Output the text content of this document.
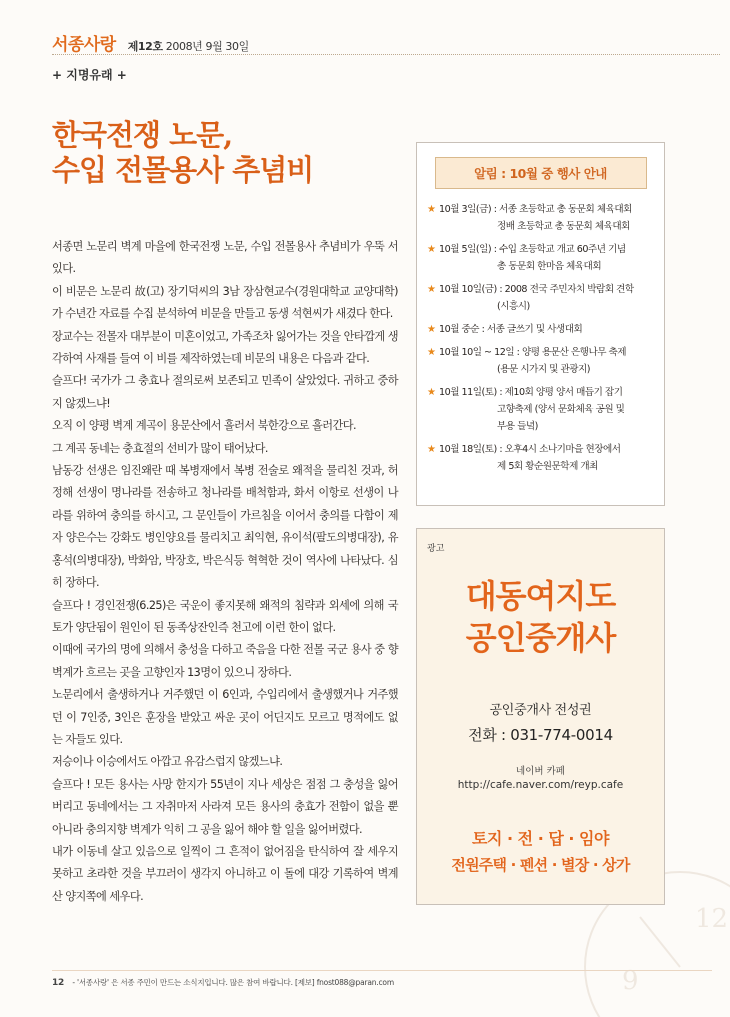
9
12
서종사랑 제12호 2008년 9월 30일
+ 지명유래 +
한국전쟁 노문,
수입 전몰용사 추념비

서종면 노문리 벽계 마을에 한국전쟁 노문, 수입 전몰용사 추념비가 우뚝 서있다.

이 비문은 노문리 故(고) 장기덕씨의 3남 장삼현교수(경원대학교 교양대학)가 수년간 자료를 수집 분석하여 비문을 만들고 동생 석현씨가 새겼다 한다.

장교수는 전몰자 대부분이 미혼이었고, 가족조차 잃어가는 것을 안타깝게 생각하여 사재를 들여 이 비를 제작하였는데 비문의 내용은 다음과 같다.

슬프다! 국가가 그 충효나 절의로써 보존되고 민족이 살았었다. 귀하고 중하지 않겠느냐!

오직 이 양평 벽계 계곡이 용문산에서 흘러서 북한강으로 흘러간다.

그 계곡 동네는 충효절의 선비가 많이 태어났다.

남동강 선생은 임진왜란 때 복병재에서 복병 전술로 왜적을 물리친 것과, 허정해 선생이 명나라를 전송하고 청나라를 배척함과, 화서 이항로 선생이 나라를 위하여 충의를 하시고, 그 문인들이 가르침을 이어서 충의를 다함이 제자 양은수는 강화도 병인양요를 물리치고 최익현, 유이석(팔도의병대장), 유홍석(의병대장), 박화암, 박장호, 박은식등 혁혁한 것이 역사에 나타났다. 심히 장하다.

슬프다 ! 경인전쟁(6.25)은 국운이 좋지못해 왜적의 침략과 외세에 의해 국토가 양단됨이 원인이 된 동족상잔인즉 천고에 이런 한이 없다.

이때에 국가의 명에 의해서 충성을 다하고 죽음을 다한 전몰 국군 용사 중 향벽계가 흐르는 곳을 고향인자 13명이 있으니 장하다.

노문리에서 출생하거나 거주했던 이 6인과, 수입리에서 출생했거나 거주했던 이 7인중, 3인은 훈장을 받았고 싸운 곳이 어딘지도 모르고 명적에도 없는 자들도 있다.

저승이나 이승에서도 아깝고 유감스럽지 않겠느냐.

슬프다 ! 모든 용사는 사망 한지가 55년이 지나 세상은 점점 그 충성을 잃어버리고 동네에서는 그 자취마저 사라져 모든 용사의 충효가 전함이 없을 뿐 아니라 충의지향 벽계가 익히 그 공을 잃어 해야 할 일을 잃어버렸다.

내가 이동네 살고 있음으로 일찍이 그 흔적이 없어짐을 탄식하여 잘 세우지 못하고 초라한 것을 부끄러이 생각지 아니하고 이 돌에 대강 기록하여 벽계산 양지쪽에 세우다.

알림 : 10월 중 행사 안내
★ 10월 3일(금) : 서종 초등학교 총 동문회 체육대회
정배 초등학교 총 동문회 체육대회
★ 10월 5일(일) : 수입 초등학교 개교 60주년 기념
총 동문회 한마음 체육대회
★ 10월 10일(금) : 2008 전국 주민자치 박람회 견학
(시흥시)
★ 10월 중순 : 서종 글쓰기 및 사생대회
★ 10월 10일 ~ 12일 : 양평 용문산 은행나무 축제
(용문 시가지 및 관광지)
★ 10월 11일(토) : 제10회 양평 양서 매듭기 잡기
고향축제 (양서 문화체육 공원 및
부용 들녘)
★ 10월 18일(토) : 오후4시 소나기마을 현장에서
제 5회 황순원문학제 개최
광고
대동여지도
공인중개사
공인중개사 전성권
전화 : 031-774-0014
네이버 카페
http://cafe.naver.com/reyp.cafe
토지 · 전 · 답 · 임야
전원주택 · 펜션 · 별장 · 상가
12 - '서종사랑' 은 서종 주민이 만드는 소식지입니다. 많은 참여 바랍니다. [제보] fnost088@paran.com
